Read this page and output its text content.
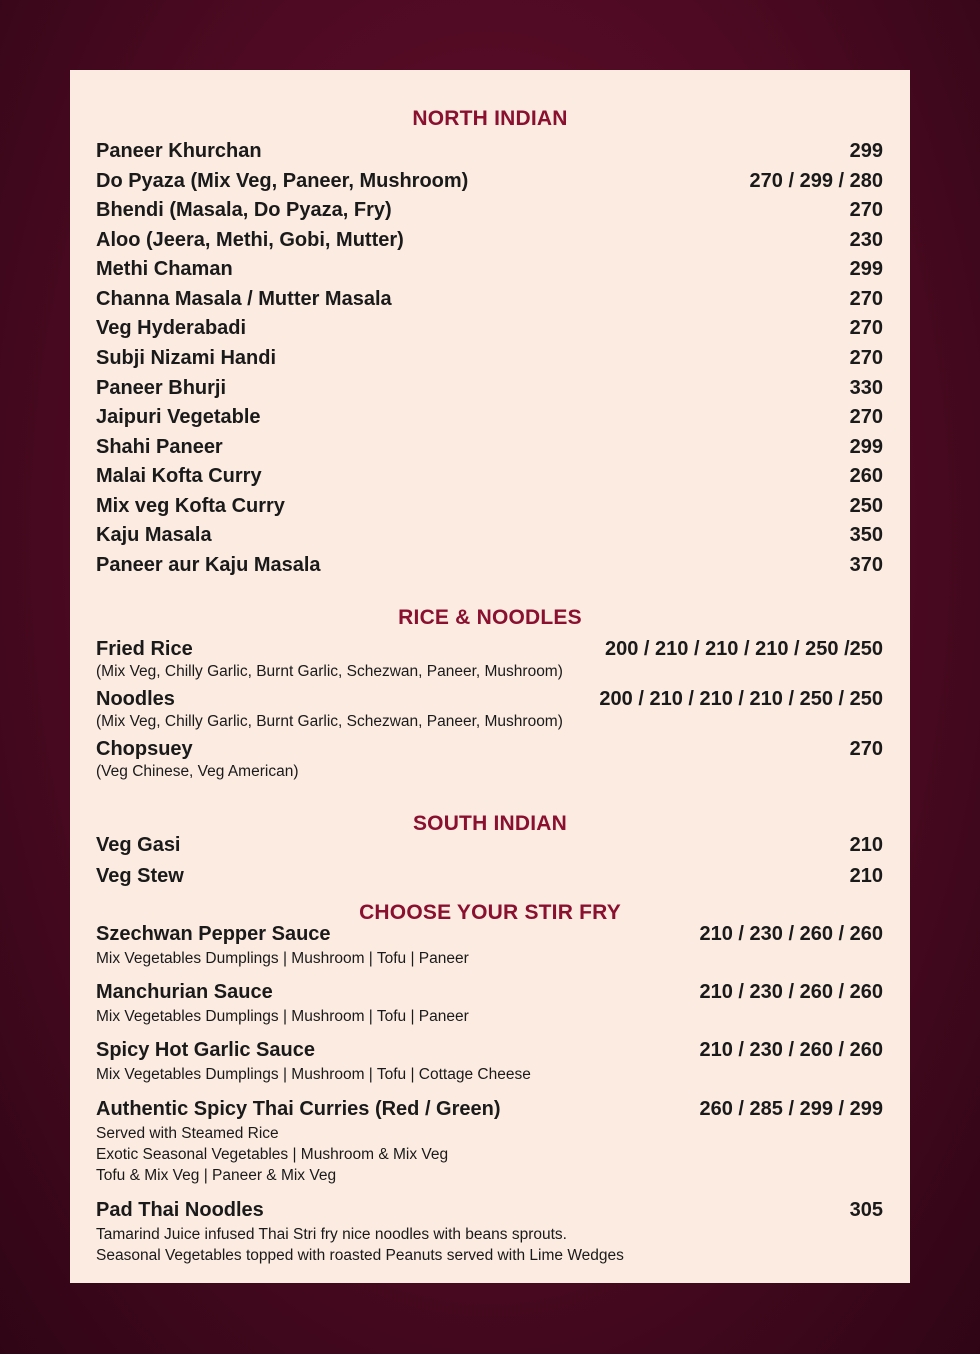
NORTH INDIAN
Paneer Khurchan	299
Do Pyaza (Mix Veg, Paneer, Mushroom)	270 / 299 / 280
Bhendi (Masala, Do Pyaza, Fry)	270
Aloo (Jeera, Methi, Gobi, Mutter)	230
Methi Chaman	299
Channa Masala / Mutter Masala	270
Veg Hyderabadi	270
Subji Nizami Handi	270
Paneer Bhurji	330
Jaipuri Vegetable	270
Shahi Paneer	299
Malai Kofta Curry	260
Mix veg Kofta Curry	250
Kaju Masala	350
Paneer aur Kaju Masala	370
RICE & NOODLES
Fried Rice	200 / 210 / 210 / 210 / 250 /250
(Mix Veg, Chilly Garlic, Burnt Garlic, Schezwan, Paneer, Mushroom)
Noodles	200 / 210 / 210 / 210 / 250 / 250
(Mix Veg, Chilly Garlic, Burnt Garlic, Schezwan, Paneer, Mushroom)
Chopsuey	270
(Veg Chinese, Veg American)
SOUTH INDIAN
Veg Gasi	210
Veg Stew	210
CHOOSE YOUR STIR FRY
Szechwan Pepper Sauce	210 / 230 / 260 / 260
Mix Vegetables Dumplings | Mushroom | Tofu | Paneer
Manchurian Sauce	210 / 230 / 260 / 260
Mix Vegetables Dumplings | Mushroom | Tofu | Paneer
Spicy Hot Garlic Sauce	210 / 230 / 260 / 260
Mix Vegetables Dumplings | Mushroom | Tofu | Cottage Cheese
Authentic Spicy Thai Curries (Red / Green)	260 / 285 / 299 / 299
Served with Steamed Rice
Exotic Seasonal Vegetables | Mushroom & Mix Veg
Tofu & Mix Veg | Paneer & Mix Veg
Pad Thai Noodles	305
Tamarind Juice infused Thai Stri fry nice noodles with beans sprouts.
Seasonal Vegetables topped with roasted Peanuts served with Lime Wedges
